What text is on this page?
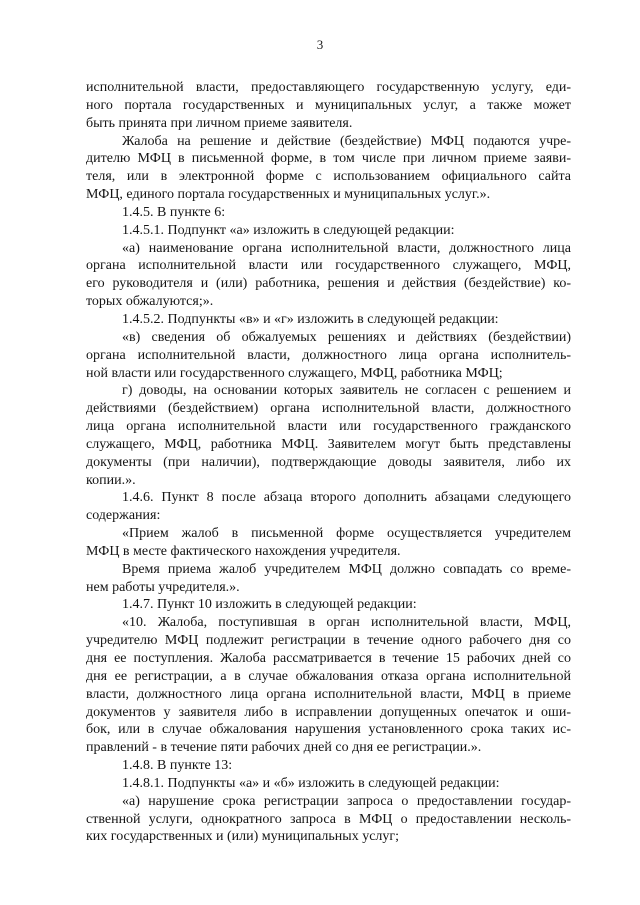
3
исполнительной власти, предоставляющего государственную услугу, еди-
ного портала государственных и муниципальных услуг, а также может
быть принята при личном приеме заявителя.
Жалоба на решение и действие (бездействие) МФЦ подаются учре-
дителю МФЦ в письменной форме, в том числе при личном приеме заяви-
теля, или в электронной форме с использованием официального сайта
МФЦ, единого портала государственных и муниципальных услуг.».
1.4.5. В пункте 6:
1.4.5.1. Подпункт «а» изложить в следующей редакции:
«а) наименование органа исполнительной власти, должностного лица
органа исполнительной власти или государственного служащего, МФЦ,
его руководителя и (или) работника, решения и действия (бездействие) ко-
торых обжалуются;».
1.4.5.2. Подпункты «в» и «г» изложить в следующей редакции:
«в) сведения об обжалуемых решениях и действиях (бездействии)
органа исполнительной власти, должностного лица органа исполнитель-
ной власти или государственного служащего, МФЦ, работника МФЦ;
г) доводы, на основании которых заявитель не согласен с решением и
действиями (бездействием) органа исполнительной власти, должностного
лица органа исполнительной власти или государственного гражданского
служащего, МФЦ, работника МФЦ. Заявителем могут быть представлены
документы (при наличии), подтверждающие доводы заявителя, либо их
копии.».
1.4.6. Пункт 8 после абзаца второго дополнить абзацами следующего
содержания:
«Прием жалоб в письменной форме осуществляется учредителем
МФЦ в месте фактического нахождения учредителя.
Время приема жалоб учредителем МФЦ должно совпадать со време-
нем работы учредителя.».
1.4.7. Пункт 10 изложить в следующей редакции:
«10. Жалоба, поступившая в орган исполнительной власти, МФЦ,
учредителю МФЦ подлежит регистрации в течение одного рабочего дня со
дня ее поступления. Жалоба рассматривается в течение 15 рабочих дней со
дня ее регистрации, а в случае обжалования отказа органа исполнительной
власти, должностного лица органа исполнительной власти, МФЦ в приеме
документов у заявителя либо в исправлении допущенных опечаток и оши-
бок, или в случае обжалования нарушения установленного срока таких ис-
правлений - в течение пяти рабочих дней со дня ее регистрации.».
1.4.8. В пункте 13:
1.4.8.1. Подпункты «а» и «б» изложить в следующей редакции:
«а) нарушение срока регистрации запроса о предоставлении государ-
ственной услуги, однократного запроса в МФЦ о предоставлении несколь-
ких государственных и (или) муниципальных услуг;
